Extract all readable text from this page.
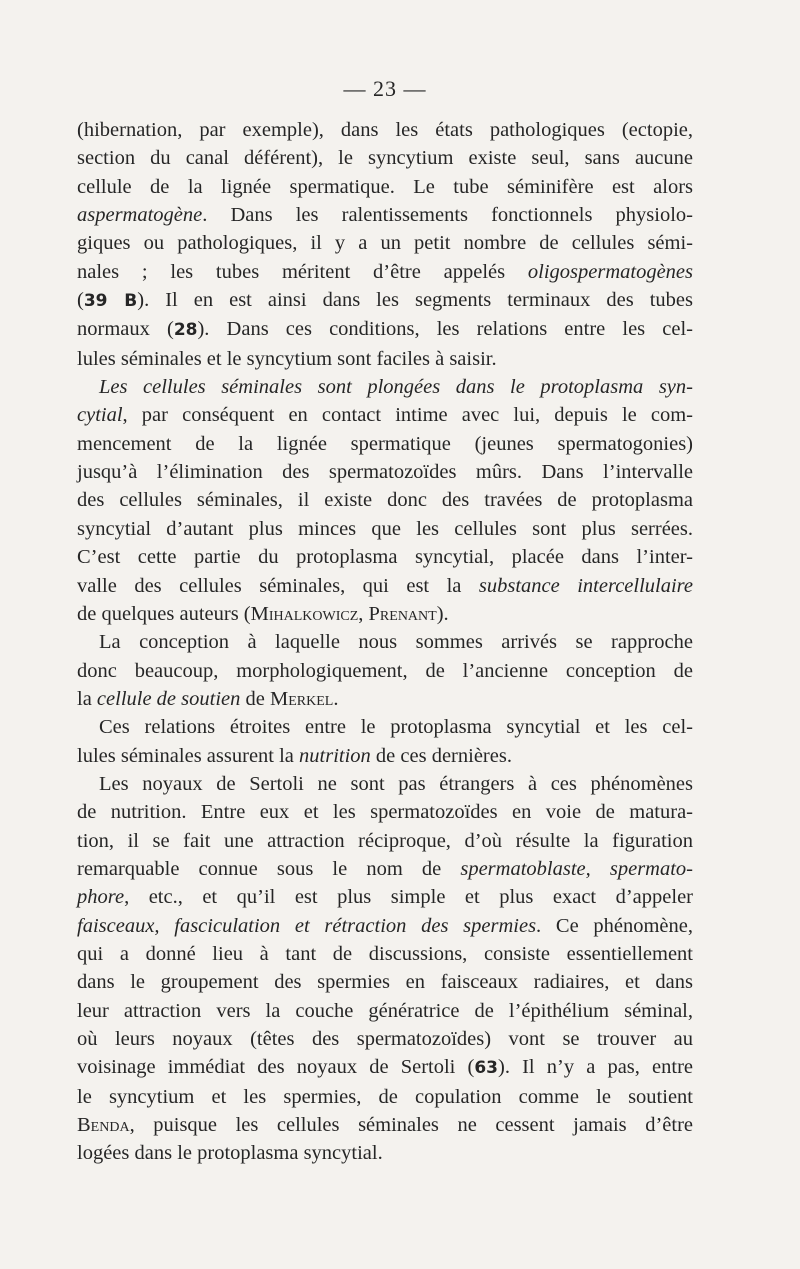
— 23 —

(hibernation, par exemple), dans les états pathologiques (ectopie,
section du canal déférent), le syncytium existe seul, sans aucune
cellule de la lignée spermatique. Le tube séminifère est alors
aspermatogène. Dans les ralentissements fonctionnels physiolo-
giques ou pathologiques, il y a un petit nombre de cellules sémi-
nales ; les tubes méritent d’être appelés oligospermatogènes
(39 B). Il en est ainsi dans les segments terminaux des tubes
normaux (28). Dans ces conditions, les relations entre les cel-
lules séminales et le syncytium sont faciles à saisir.

Les cellules séminales sont plongées dans le protoplasma syn-
cytial, par conséquent en contact intime avec lui, depuis le com-
mencement de la lignée spermatique (jeunes spermatogonies)
jusqu’à l’élimination des spermatozoïdes mûrs. Dans l’intervalle
des cellules séminales, il existe donc des travées de protoplasma
syncytial d’autant plus minces que les cellules sont plus serrées.
C’est cette partie du protoplasma syncytial, placée dans l’inter-
valle des cellules séminales, qui est la substance intercellulaire
de quelques auteurs (Mihalkowicz, Prenant).

La conception à laquelle nous sommes arrivés se rapproche
donc beaucoup, morphologiquement, de l’ancienne conception de
la cellule de soutien de Merkel.

Ces relations étroites entre le protoplasma syncytial et les cel-
lules séminales assurent la nutrition de ces dernières.

Les noyaux de Sertoli ne sont pas étrangers à ces phénomènes
de nutrition. Entre eux et les spermatozoïdes en voie de matura-
tion, il se fait une attraction réciproque, d’où résulte la figuration
remarquable connue sous le nom de spermatoblaste, spermato-
phore, etc., et qu’il est plus simple et plus exact d’appeler
faisceaux, fasciculation et rétraction des spermies. Ce phénomène,
qui a donné lieu à tant de discussions, consiste essentiellement
dans le groupement des spermies en faisceaux radiaires, et dans
leur attraction vers la couche génératrice de l’épithélium séminal,
où leurs noyaux (têtes des spermatozoïdes) vont se trouver au
voisinage immédiat des noyaux de Sertoli (63). Il n’y a pas, entre
le syncytium et les spermies, de copulation comme le soutient
Benda, puisque les cellules séminales ne cessent jamais d’être
logées dans le protoplasma syncytial.
